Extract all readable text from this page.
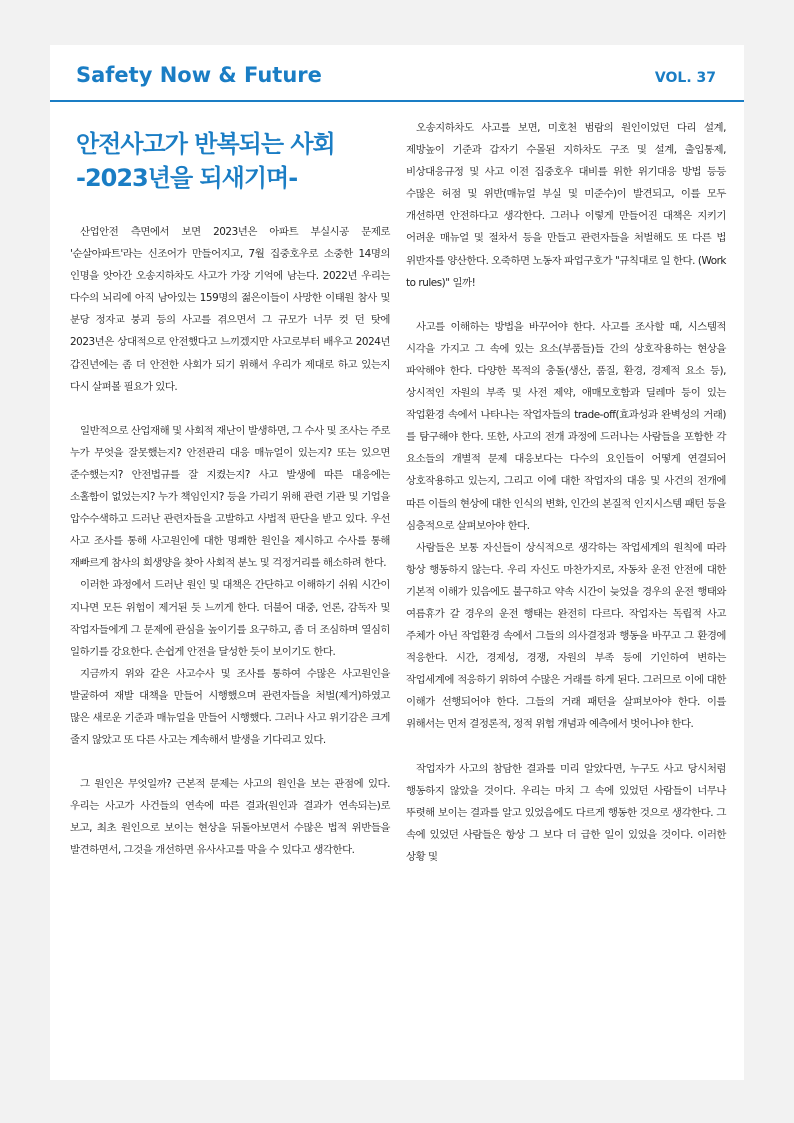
Safety Now & Future	VOL. 37
안전사고가 반복되는 사회
-2023년을 되새기며-

산업안전 측면에서 보면 2023년은 아파트 부실시공 문제로 '순살아파트'라는 신조어가 만들어지고, 7월 집중호우로 소중한 14명의 인명을 앗아간 오송지하차도 사고가 가장 기억에 남는다. 2022년 우리는 다수의 뇌리에 아직 남아있는 159명의 젊은이들이 사망한 이태원 참사 및 분당 정자교 붕괴 등의 사고를 겪으면서 그 규모가 너무 컷 던 탓에 2023년은 상대적으로 안전했다고 느끼겠지만 사고로부터 배우고 2024년 갑진년에는 좀 더 안전한 사회가 되기 위해서 우리가 제대로 하고 있는지 다시 살펴볼 필요가 있다.

일반적으로 산업재해 및 사회적 재난이 발생하면, 그 수사 및 조사는 주로 누가 무엇을 잘못했는지? 안전관리 대응 매뉴얼이 있는지? 또는 있으면 준수했는지? 안전법규를 잘 지켰는지? 사고 발생에 따른 대응에는 소홀함이 없었는지? 누가 책임인지? 등을 가리기 위해 관련 기관 및 기업을 압수수색하고 드러난 관련자들을 고발하고 사법적 판단을 받고 있다. 우선 사고 조사를 통해 사고원인에 대한 명쾌한 원인을 제시하고 수사를 통해 재빠르게 참사의 희생양을 찾아 사회적 분노 및 걱정거리를 해소하려 한다.

이러한 과정에서 드러난 원인 및 대책은 간단하고 이해하기 쉬워 시간이 지나면 모든 위험이 제거된 듯 느끼게 한다. 더불어 대중, 언론, 감독자 및 작업자들에게 그 문제에 관심을 높이기를 요구하고, 좀 더 조심하며 열심히 일하기를 강요한다. 손쉽게 안전을 달성한 듯이 보이기도 한다.

지금까지 위와 같은 사고수사 및 조사를 통하여 수많은 사고원인을 발굴하여 재발 대책을 만들어 시행했으며 관련자들을 처벌(제거)하였고 많은 새로운 기준과 매뉴얼을 만들어 시행했다. 그러나 사고 위기감은 크게 줄지 않았고 또 다른 사고는 계속해서 발생을 기다리고 있다.

그 원인은 무엇일까? 근본적 문제는 사고의 원인을 보는 관점에 있다. 우리는 사고가 사건들의 연속에 따른 결과(원인과 결과가 연속되는)로 보고, 최초 원인으로 보이는 현상을 뒤돌아보면서 수많은 법적 위반들을 발견하면서, 그것을 개선하면 유사사고를 막을 수 있다고 생각한다.

오송지하차도 사고를 보면, 미호천 범람의 원인이었던 다리 설계, 제방높이 기준과 갑자기 수몰된 지하차도 구조 및 설계, 출입통제, 비상대응규정 및 사고 이전 집중호우 대비를 위한 위기대응 방법 등등 수많은 허점 및 위반(매뉴얼 부실 및 미준수)이 발견되고, 이를 모두 개선하면 안전하다고 생각한다. 그러나 이렇게 만들어진 대책은 지키기 어려운 매뉴얼 및 절차서 등을 만들고 관련자들을 처벌해도 또 다른 법 위반자를 양산한다. 오죽하면 노동자 파업구호가 "규칙대로 일 한다. (Work to rules)" 일까!

사고를 이해하는 방법을 바꾸어야 한다. 사고를 조사할 때, 시스템적 시각을 가지고 그 속에 있는 요소(부품들)들 간의 상호작용하는 현상을 파악해야 한다. 다양한 목적의 충돌(생산, 품질, 환경, 경제적 요소 등), 상시적인 자원의 부족 및 사전 제약, 애매모호함과 딜레마 등이 있는 작업환경 속에서 나타나는 작업자들의 trade-off(효과성과 완벽성의 거래)를 탐구해야 한다. 또한, 사고의 전개 과정에 드러나는 사람들을 포함한 각 요소들의 개별적 문제 대응보다는 다수의 요인들이 어떻게 연결되어 상호작용하고 있는지, 그리고 이에 대한 작업자의 대응 및 사건의 전개에 따른 이들의 현상에 대한 인식의 변화, 인간의 본질적 인지시스템 패턴 등을 심층적으로 살펴보아야 한다.

사람들은 보통 자신들이 상식적으로 생각하는 작업세계의 원칙에 따라 항상 행동하지 않는다. 우리 자신도 마찬가지로, 자동차 운전 안전에 대한 기본적 이해가 있음에도 불구하고 약속 시간이 늦었을 경우의 운전 행태와 여름휴가 갈 경우의 운전 행태는 완전히 다르다. 작업자는 독립적 사고 주체가 아닌 작업환경 속에서 그들의 의사결정과 행동을 바꾸고 그 환경에 적응한다. 시간, 경제성, 경쟁, 자원의 부족 등에 기인하여 변하는 작업세계에 적응하기 위하여 수많은 거래를 하게 된다. 그러므로 이에 대한 이해가 선행되어야 한다. 그들의 거래 패턴을 살펴보아야 한다. 이를 위해서는 먼저 결정론적, 정적 위험 개념과 예측에서 벗어나야 한다.

작업자가 사고의 참담한 결과를 미리 알았다면, 누구도 사고 당시처럼 행동하지 않았을 것이다. 우리는 마치 그 속에 있었던 사람들이 너무나 뚜렷해 보이는 결과를 알고 있었음에도 다르게 행동한 것으로 생각한다. 그 속에 있었던 사람들은 항상 그 보다 더 급한 일이 있었을 것이다. 이러한 상황 및
